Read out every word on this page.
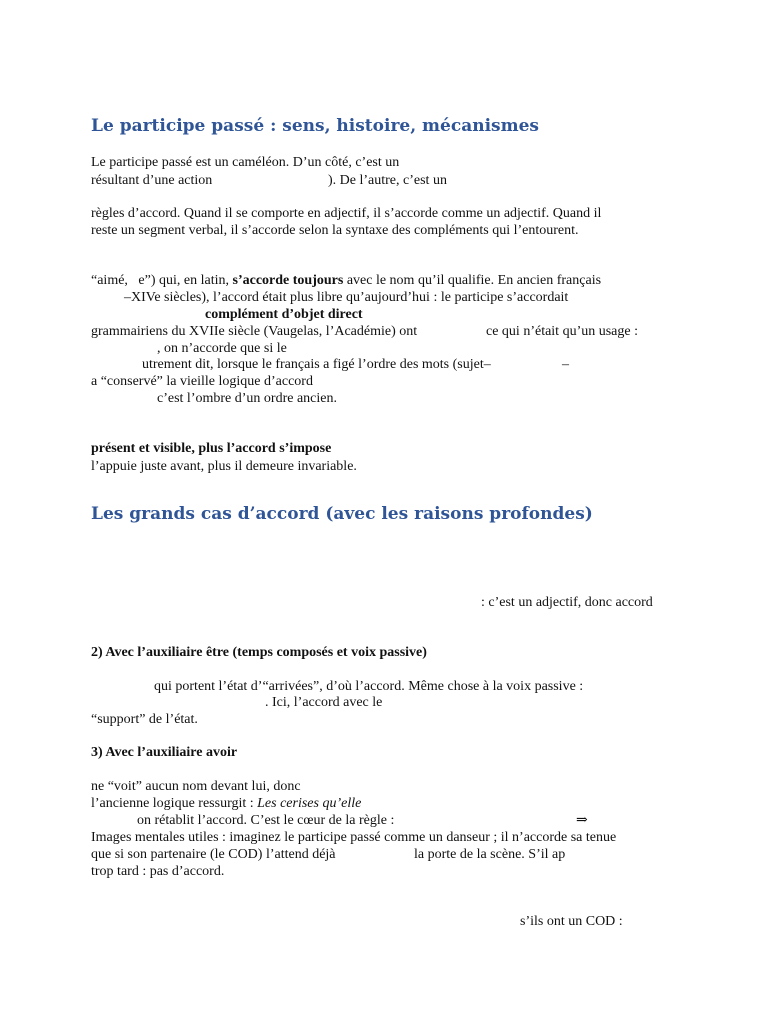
Le participe passé : sens, histoire, mécanismes

Le participe passé est un caméléon. D’un côté, c’est un

résultant d’une action	). De l’autre, c’est un

règles d’accord. Quand il se comporte en adjectif, il s’accorde comme un adjectif. Quand il

reste un segment verbal, il s’accorde selon la syntaxe des compléments qui l’entourent.

“aimé, e”) qui, en latin, s’accorde toujours avec le nom qu’il qualifie. En ancien français

–XIVe siècles), l’accord était plus libre qu’aujourd’hui : le participe s’accordait

complément d’objet direct

grammairiens du XVIIe siècle (Vaugelas, l’Académie) ont	ce qui n’était qu’un usage :

, on n’accorde que si le

utrement dit, lorsque le français a figé l’ordre des mots (sujet–	–

a “conservé” la vieille logique d’accord

c’est l’ombre d’un ordre ancien.

présent et visible, plus l’accord s’impose

l’appuie juste avant, plus il demeure invariable.

Les grands cas d’accord (avec les raisons profondes)

: c’est un adjectif, donc accord

2) Avec l’auxiliaire être (temps composés et voix passive)

qui portent l’état d’“arrivées”, d’où l’accord. Même chose à la voix passive :

. Ici, l’accord avec le

“support” de l’état.

3) Avec l’auxiliaire avoir

ne “voit” aucun nom devant lui, donc

l’ancienne logique ressurgit : Les cerises qu’elle

on rétablit l’accord. C’est le cœur de la règle :	⇒

Images mentales utiles : imaginez le participe passé comme un danseur ; il n’accorde sa tenue

que si son partenaire (le COD) l’attend déjà	la porte de la scène. S’il ap

trop tard : pas d’accord.

s’ils ont un COD :
